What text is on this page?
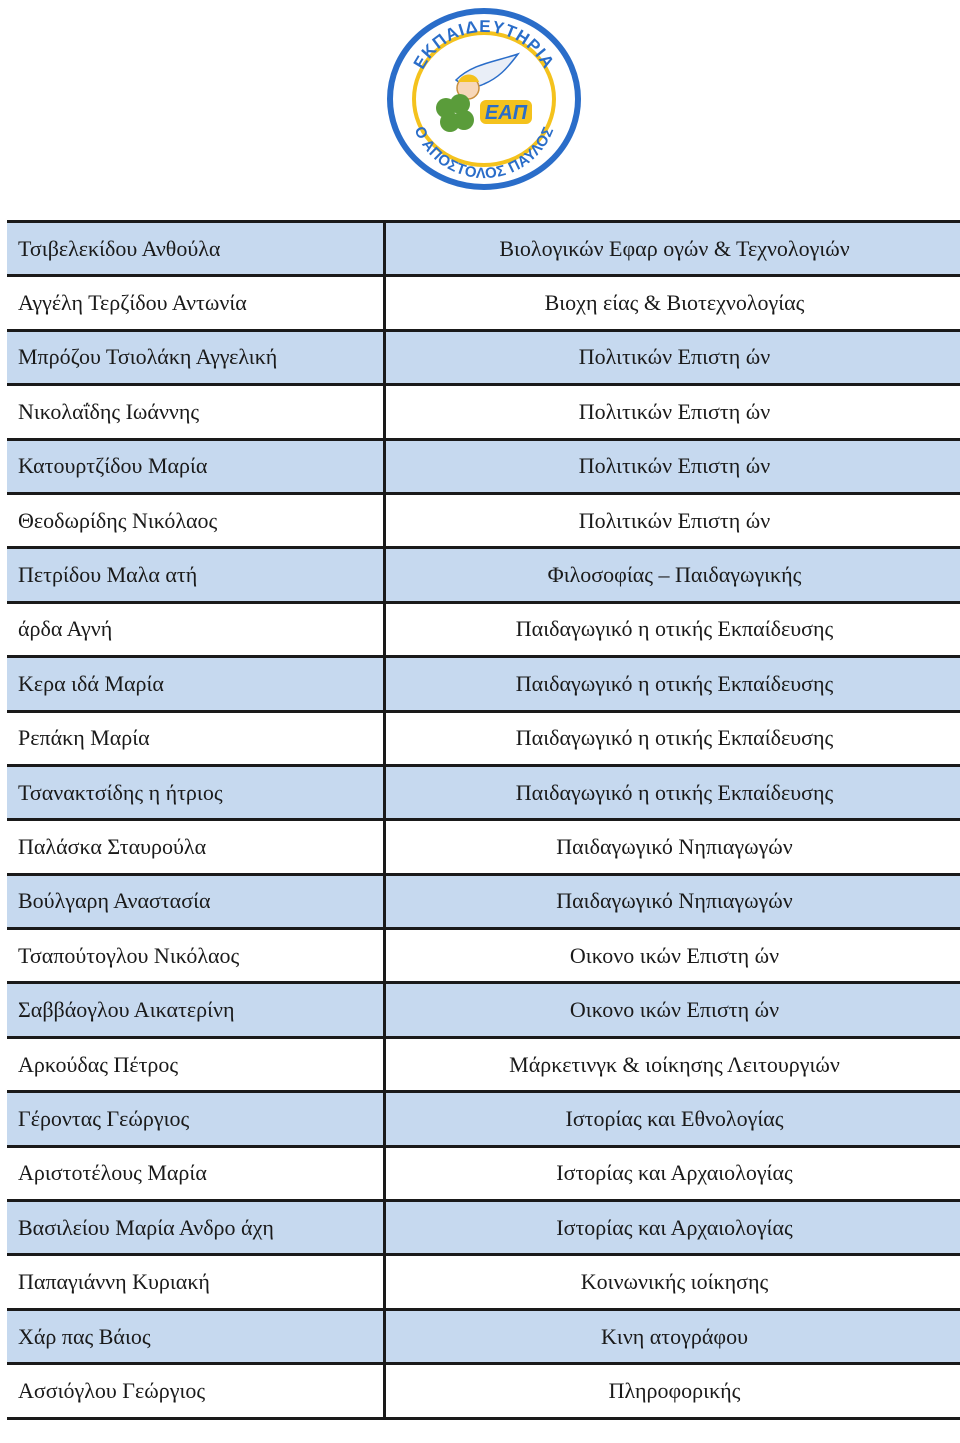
ΕΚΠΑΙΔΕΥΤΗΡΙΑ
Ο ΑΠΟΣΤΟΛΟΣ ΠΑΥΛΟΣ
ΕΑΠ
Τσιβελεκίδου Ανθούλα	Βιολογικών Εφαρ ογών & Τεχνολογιών
Αγγέλη Τερζίδου Αντωνία	Βιοχη είας & Βιοτεχνολογίας
Μπρόζου Τσιολάκη Αγγελική	Πολιτικών Επιστη ών
Νικολαΐδης Ιωάννης	Πολιτικών Επιστη ών
Κατουρτζίδου Μαρία	Πολιτικών Επιστη ών
Θεοδωρίδης Νικόλαος	Πολιτικών Επιστη ών
Πετρίδου Μαλα ατή	Φιλοσοφίας – Παιδαγωγικής
άρδα Αγνή	Παιδαγωγικό η οτικής Εκπαίδευσης
Κερα ιδά Μαρία	Παιδαγωγικό η οτικής Εκπαίδευσης
Ρεπάκη Μαρία	Παιδαγωγικό η οτικής Εκπαίδευσης
Τσανακτσίδης η ήτριος	Παιδαγωγικό η οτικής Εκπαίδευσης
Παλάσκα Σταυρούλα	Παιδαγωγικό Νηπιαγωγών
Βούλγαρη Αναστασία	Παιδαγωγικό Νηπιαγωγών
Τσαπούτογλου Νικόλαος	Οικονο ικών Επιστη ών
Σαββάογλου Αικατερίνη	Οικονο ικών Επιστη ών
Αρκούδας Πέτρος	Μάρκετινγκ & ιοίκησης Λειτουργιών
Γέροντας Γεώργιος	Ιστορίας και Εθνολογίας
Αριστοτέλους Μαρία	Ιστορίας και Αρχαιολογίας
Βασιλείου Μαρία Ανδρο άχη	Ιστορίας και Αρχαιολογίας
Παπαγιάννη Κυριακή	Κοινωνικής ιοίκησης
Χάρ πας Βάιος	Κινη ατογράφου
Ασσιόγλου Γεώργιος	Πληροφορικής
